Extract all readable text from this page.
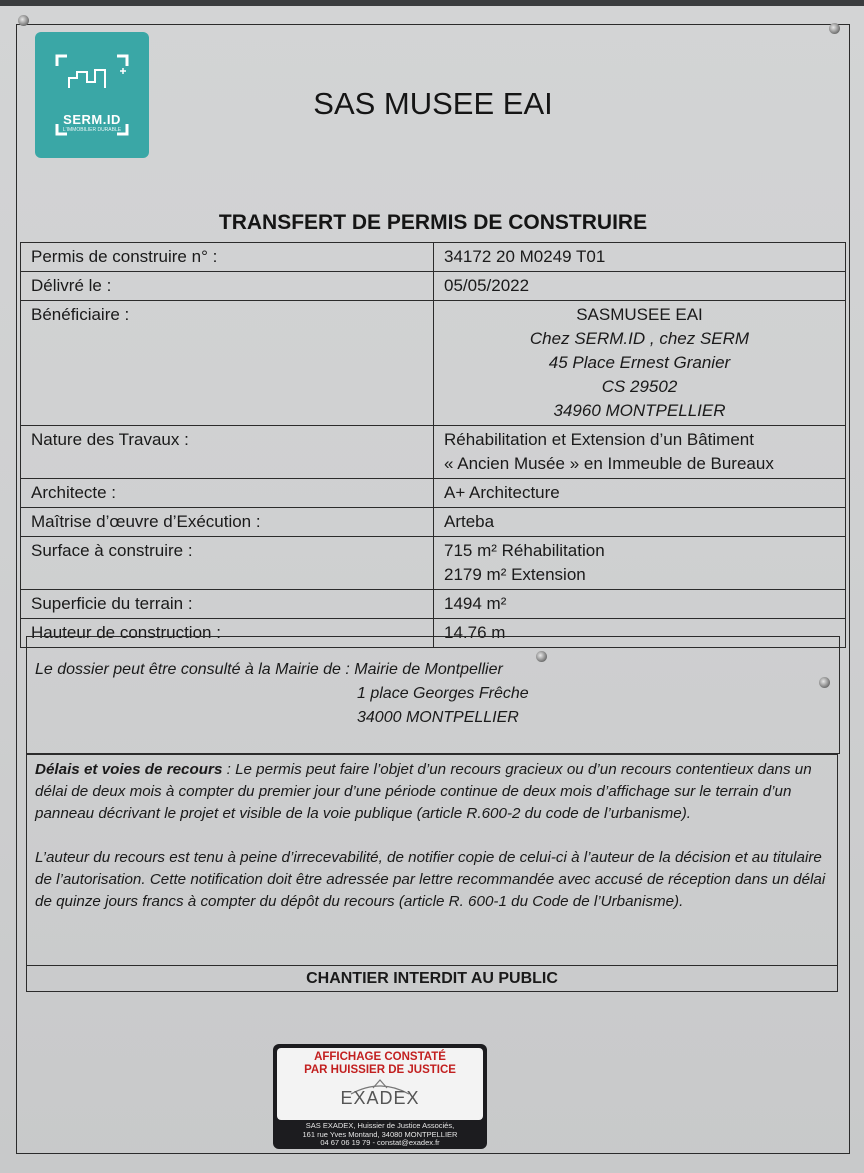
SERM.ID
L'IMMOBILIER DURABLE
SAS MUSEE EAI
TRANSFERT DE PERMIS DE CONSTRUIRE
Permis de construire n° :	34172 20 M0249 T01
Délivré le :	05/05/2022
Bénéficiaire :	SASMUSEE EAI
Chez SERM.ID , chez SERM
45 Place Ernest Granier
CS 29502
34960 MONTPELLIER

Nature des Travaux :	Réhabilitation et Extension d’un Bâtiment
« Ancien Musée » en Immeuble de Bureaux

Architecte :	A+ Architecture
Maîtrise d’œuvre d’Exécution :	Arteba
Surface à construire :	715 m² Réhabilitation
2179 m² Extension

Superficie du terrain :	1494 m²
Hauteur de construction :	14.76 m
Le dossier peut être consulté à la Mairie de : Mairie de Montpellier
1 place Georges Frêche
34000 MONTPELLIER

Délais et voies de recours : Le permis peut faire l’objet d’un recours gracieux ou d’un recours contentieux dans un délai de deux mois à compter du premier jour d’une période continue de deux mois d’affichage sur le terrain d’un panneau décrivant le projet et visible de la voie publique (article R.600-2 du code de l’urbanisme).

L’auteur du recours est tenu à peine d’irrecevabilité, de notifier copie de celui-ci à l’auteur de la décision et au titulaire de l’autorisation. Cette notification doit être adressée par lettre recommandée avec accusé de réception dans un délai de quinze jours francs à compter du dépôt du recours (article R. 600-1 du Code de l’Urbanisme).

CHANTIER INTERDIT AU PUBLIC
AFFICHAGE CONSTATÉ
PAR HUISSIER DE JUSTICE
EXADEX
SAS EXADEX, Huissier de Justice Associés,
161 rue Yves Montand, 34080 MONTPELLIER
04 67 06 19 79 - constat@exadex.fr
